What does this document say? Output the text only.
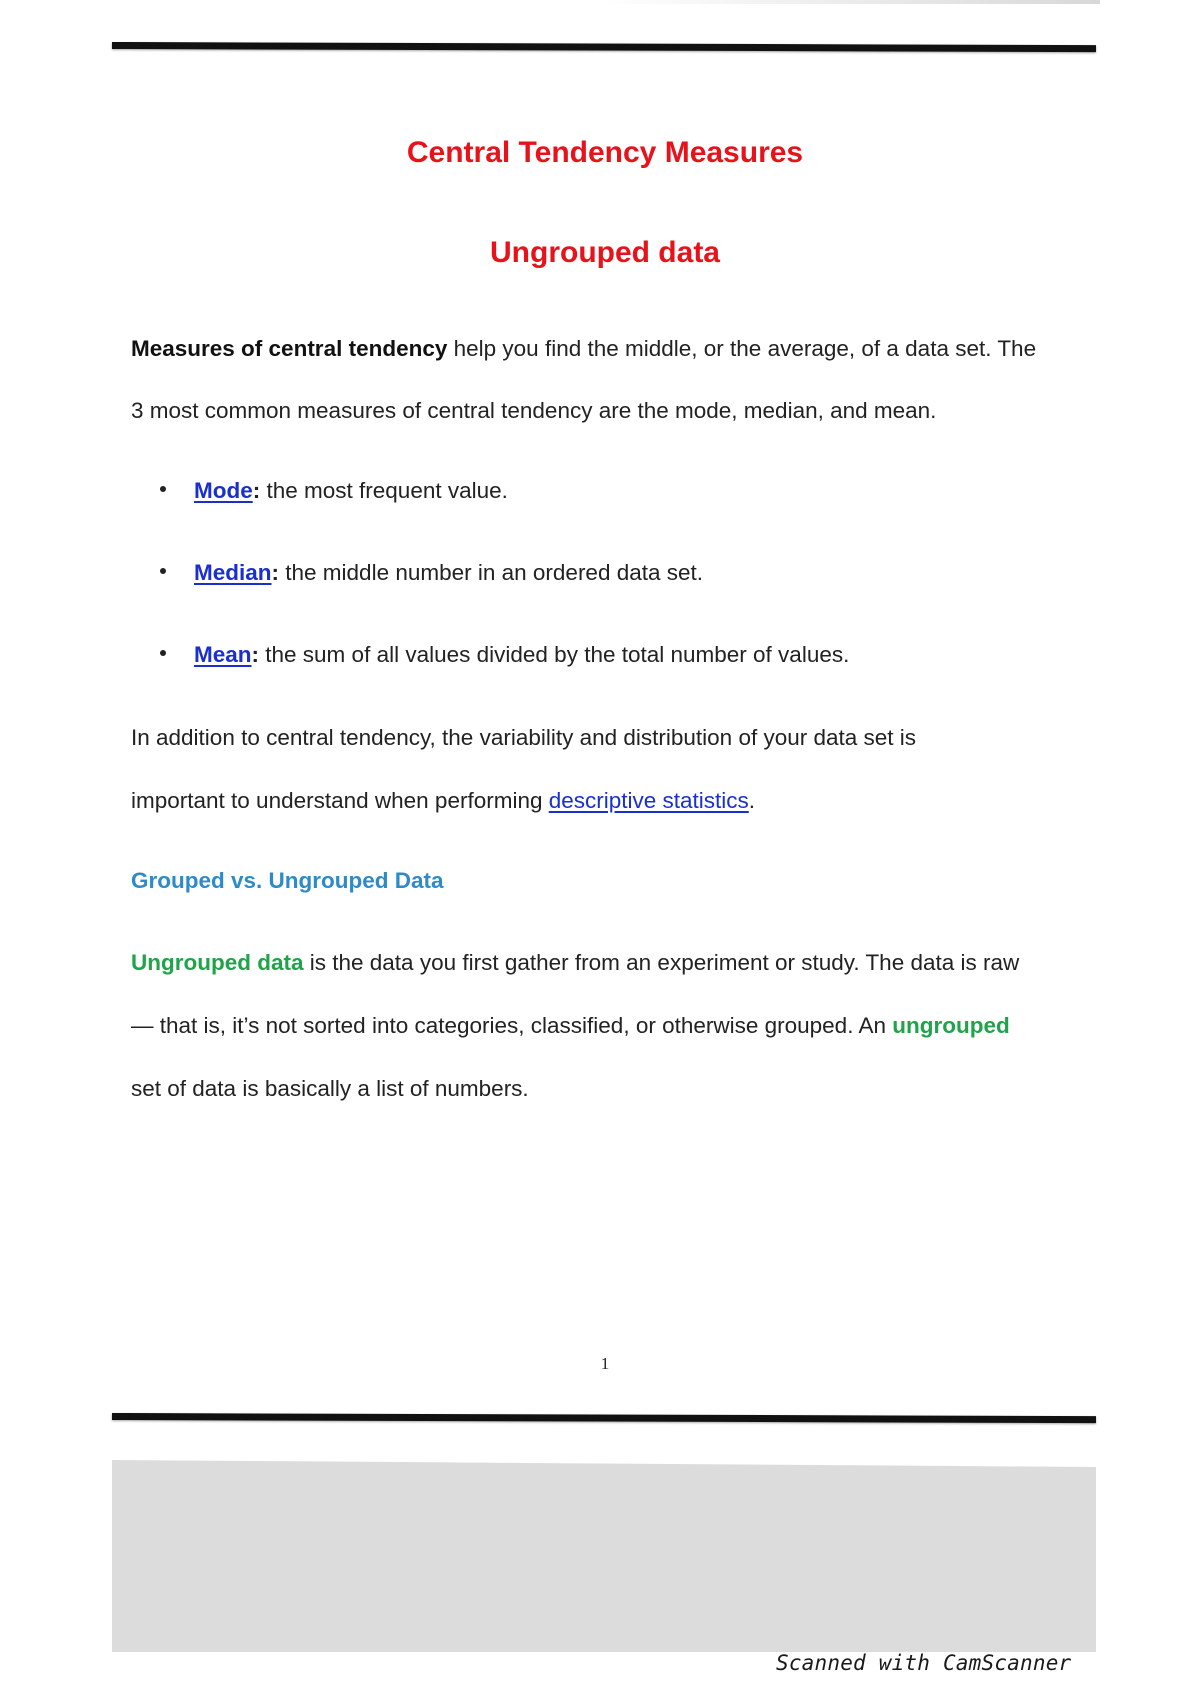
Central Tendency Measures
Ungrouped data
Measures of central tendency help you find the middle, or the average, of a data set. The
3 most common measures of central tendency are the mode, median, and mean.
Mode: the most frequent value.
Median: the middle number in an ordered data set.
Mean: the sum of all values divided by the total number of values.
In addition to central tendency, the variability and distribution of your data set is
important to understand when performing descriptive statistics.
Grouped vs. Ungrouped Data
Ungrouped data is the data you first gather from an experiment or study. The data is raw
— that is, it’s not sorted into categories, classified, or otherwise grouped. An ungrouped
set of data is basically a list of numbers.
1
Scanned with CamScanner
